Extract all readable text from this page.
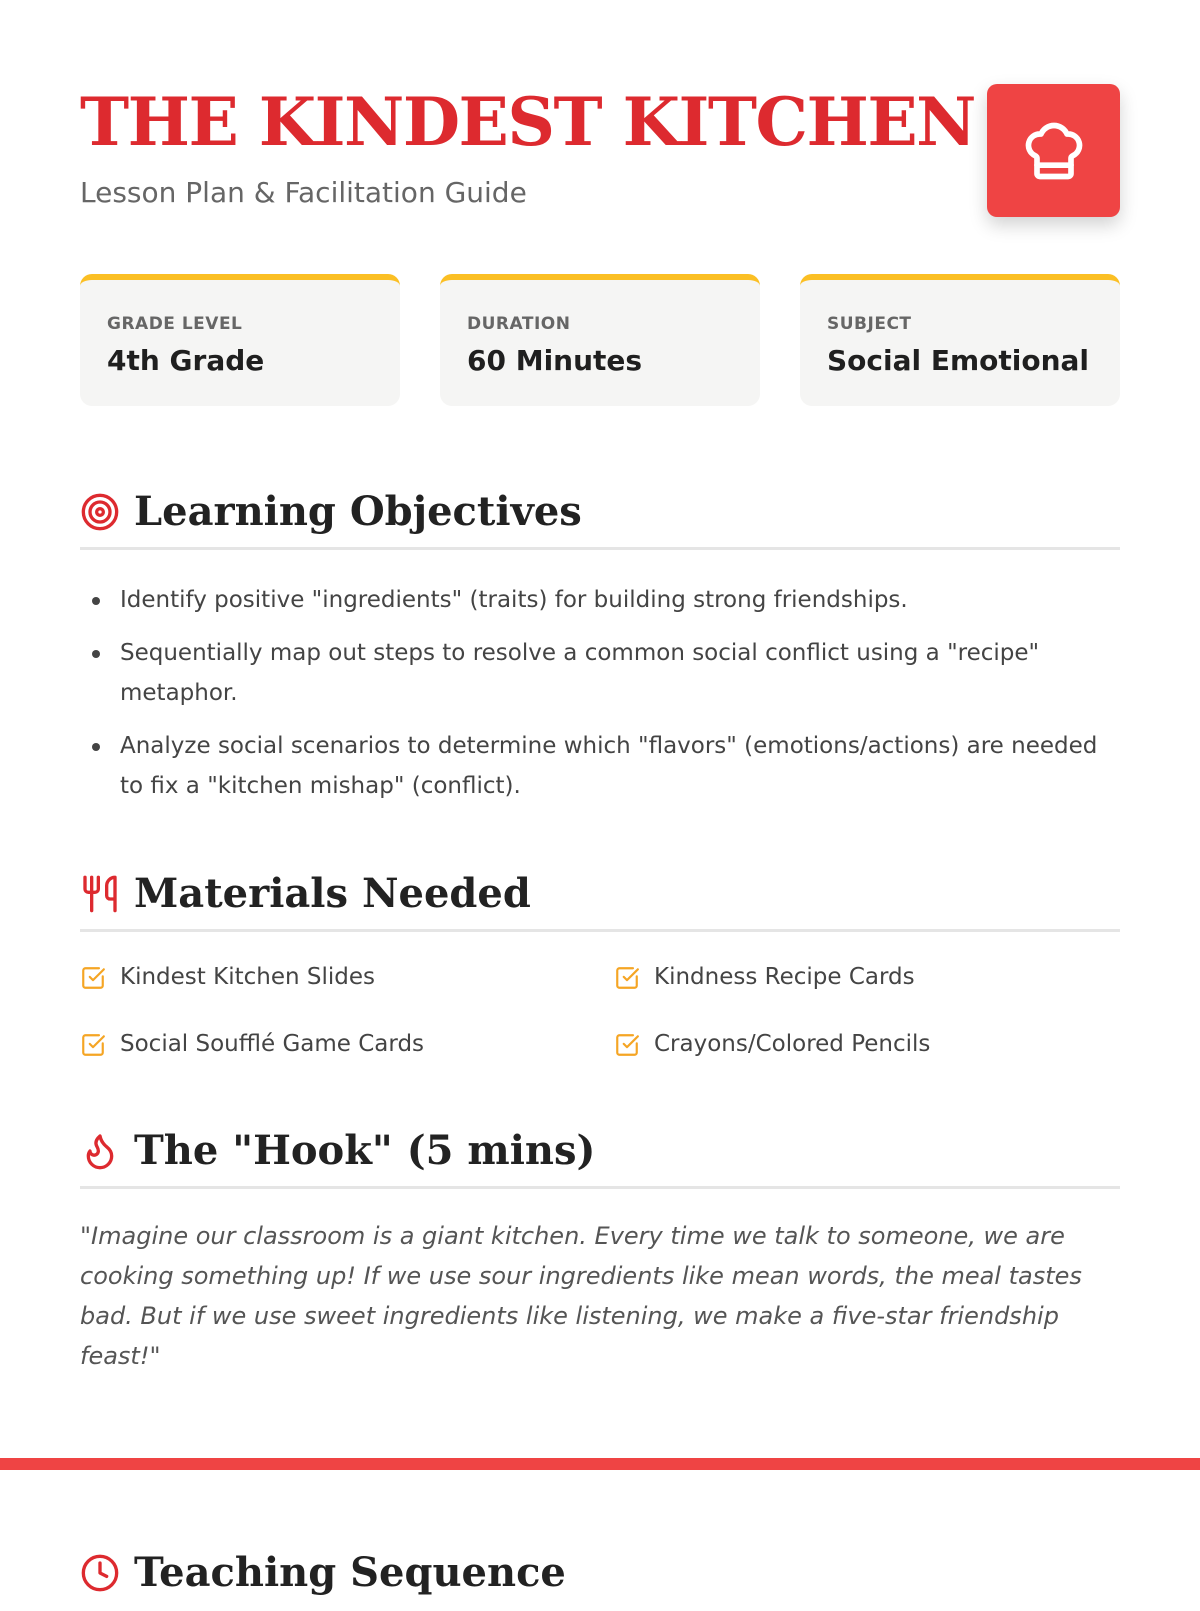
THE KINDEST KITCHEN
Lesson Plan & Facilitation Guide
GRADE LEVEL
4th Grade
DURATION
60 Minutes
SUBJECT
Social Emotional
Learning Objectives
Identify positive "ingredients" (traits) for building strong friendships.
Sequentially map out steps to resolve a common social conflict using a "recipe" metaphor.
Analyze social scenarios to determine which "flavors" (emotions/actions) are needed to fix a "kitchen mishap" (conflict).
Materials Needed
Kindest Kitchen Slides	Kindness Recipe Cards
Social Soufflé Game Cards	Crayons/Colored Pencils
The "Hook" (5 mins)

"Imagine our classroom is a giant kitchen. Every time we talk to someone, we are cooking something up! If we use sour ingredients like mean words, the meal tastes bad. But if we use sweet ingredients like listening, we make a five-star friendship feast!"

Teaching Sequence
